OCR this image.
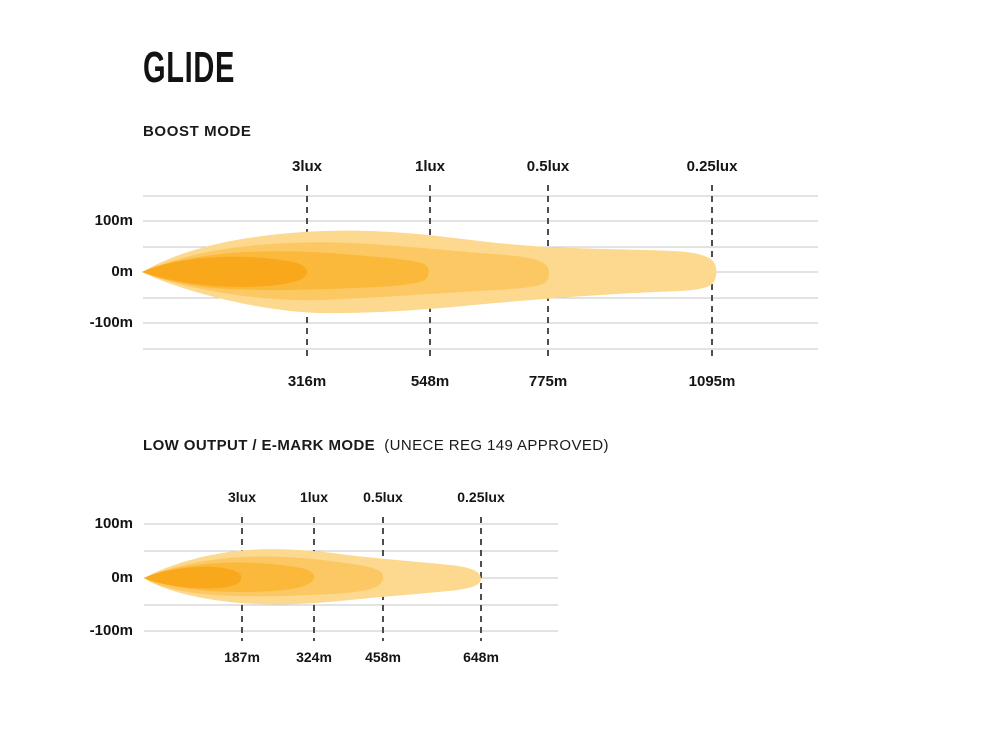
GLIDE
BOOST MODE
LOW OUTPUT / E-MARK MODE (UNECE REG 149 APPROVED)
3lux	1lux	0.5lux	0.25lux
100m
0m
-100m
316m	548m	775m	1095m
3lux	1lux	0.5lux	0.25lux
100m
0m
-100m
187m	324m	458m	648m
